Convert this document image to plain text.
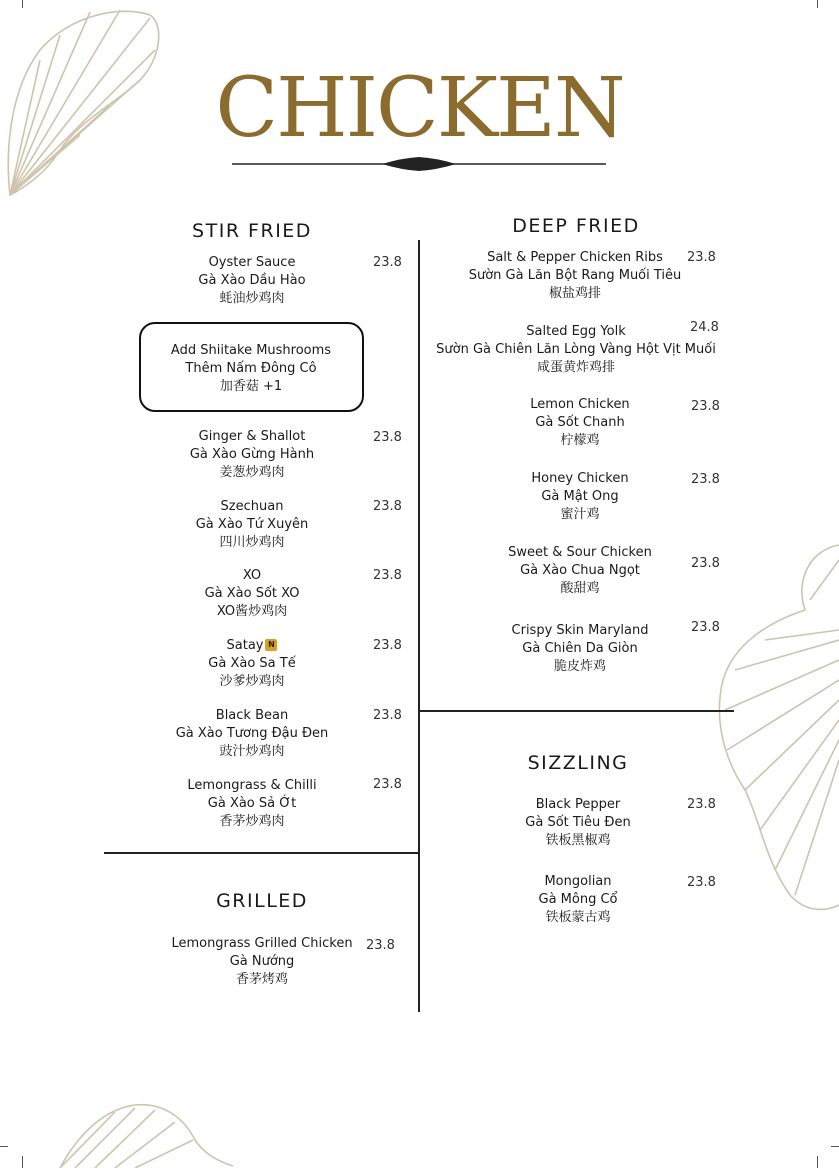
CHICKEN
STIR FRIED
Oyster Sauce
Gà Xào Dầu Hào
蚝油炒鸡肉
23.8
Add Shiitake Mushrooms
Thêm Nấm Đông Cô
加香菇 +1
Ginger & Shallot
Gà Xào Gừng Hành
姜葱炒鸡肉
23.8
Szechuan
Gà Xào Tứ Xuyên
四川炒鸡肉
23.8
XO
Gà Xào Sốt XO
XO酱炒鸡肉
23.8
Satay N
Gà Xào Sa Tế
沙爹炒鸡肉
23.8
Black Bean
Gà Xào Tương Đậu Đen
豉汁炒鸡肉
23.8
Lemongrass & Chilli
Gà Xào Sả Ớt
香茅炒鸡肉
23.8
GRILLED
Lemongrass Grilled Chicken
Gà Nướng
香茅烤鸡
23.8
DEEP FRIED
Salt & Pepper Chicken Ribs
Sườn Gà Lăn Bột Rang Muối Tiêu
椒盐鸡排
23.8
Salted Egg Yolk
Sườn Gà Chiên Lăn Lòng Vàng Hột Vịt Muối
咸蛋黄炸鸡排
24.8
Lemon Chicken
Gà Sốt Chanh
柠檬鸡
23.8
Honey Chicken
Gà Mật Ong
蜜汁鸡
23.8
Sweet & Sour Chicken
Gà Xào Chua Ngọt
酸甜鸡
23.8
Crispy Skin Maryland
Gà Chiên Da Giòn
脆皮炸鸡
23.8
SIZZLING
Black Pepper
Gà Sốt Tiêu Đen
铁板黑椒鸡
23.8
Mongolian
Gà Mông Cổ
铁板蒙古鸡
23.8
